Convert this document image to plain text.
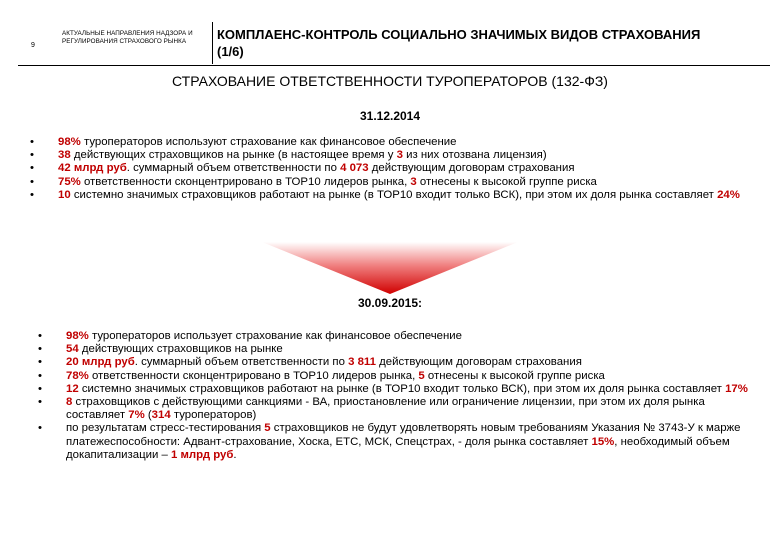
9
АКТУАЛЬНЫЕ НАПРАВЛЕНИЯ НАДЗОРА И
РЕГУЛИРОВАНИЯ СТРАХОВОГО РЫНКА	КОМПЛАЕНС-КОНТРОЛЬ СОЦИАЛЬНО ЗНАЧИМЫХ ВИДОВ СТРАХОВАНИЯ
(1/6)
СТРАХОВАНИЕ ОТВЕТСТВЕННОСТИ ТУРОПЕРАТОРОВ (132-ФЗ)
31.12.2014
• 98% туроператоров используют страхование как финансовое обеспечение
• 38 действующих страховщиков на рынке (в настоящее время у 3 из них отозвана лицензия)
• 42 млрд руб. суммарный объем ответственности по 4 073 действующим договорам страхования
• 75% ответственности сконцентрировано в ТОР10 лидеров рынка, 3 отнесены к высокой группе риска
• 10 системно значимых страховщиков работают на рынке (в ТОР10 входит только ВСК), при этом их доля рынка составляет 24%
30.09.2015:
• 98% туроператоров использует страхование как финансовое обеспечение
• 54 действующих страховщиков на рынке
• 20 млрд руб. суммарный объем ответственности по 3 811 действующим договорам страхования
• 78% ответственности сконцентрировано в ТОР10 лидеров рынка, 5 отнесены к высокой группе риска
• 12 системно значимых страховщиков работают на рынке (в ТОР10 входит только ВСК), при этом их доля рынка составляет 17%
• 8 страховщиков с действующими санкциями - ВА, приостановление или ограничение лицензии, при этом их доля рынка составляет 7% (314 туроператоров)
• по результатам стресс-тестирования 5 страховщиков не будут удовлетворять новым требованиям Указания № 3743-У к марже платежеспособности: Адвант-страхование, Хоска, ЕТС, МСК, Спецстрах, - доля рынка составляет 15%, необходимый объем докапитализации – 1 млрд руб.
